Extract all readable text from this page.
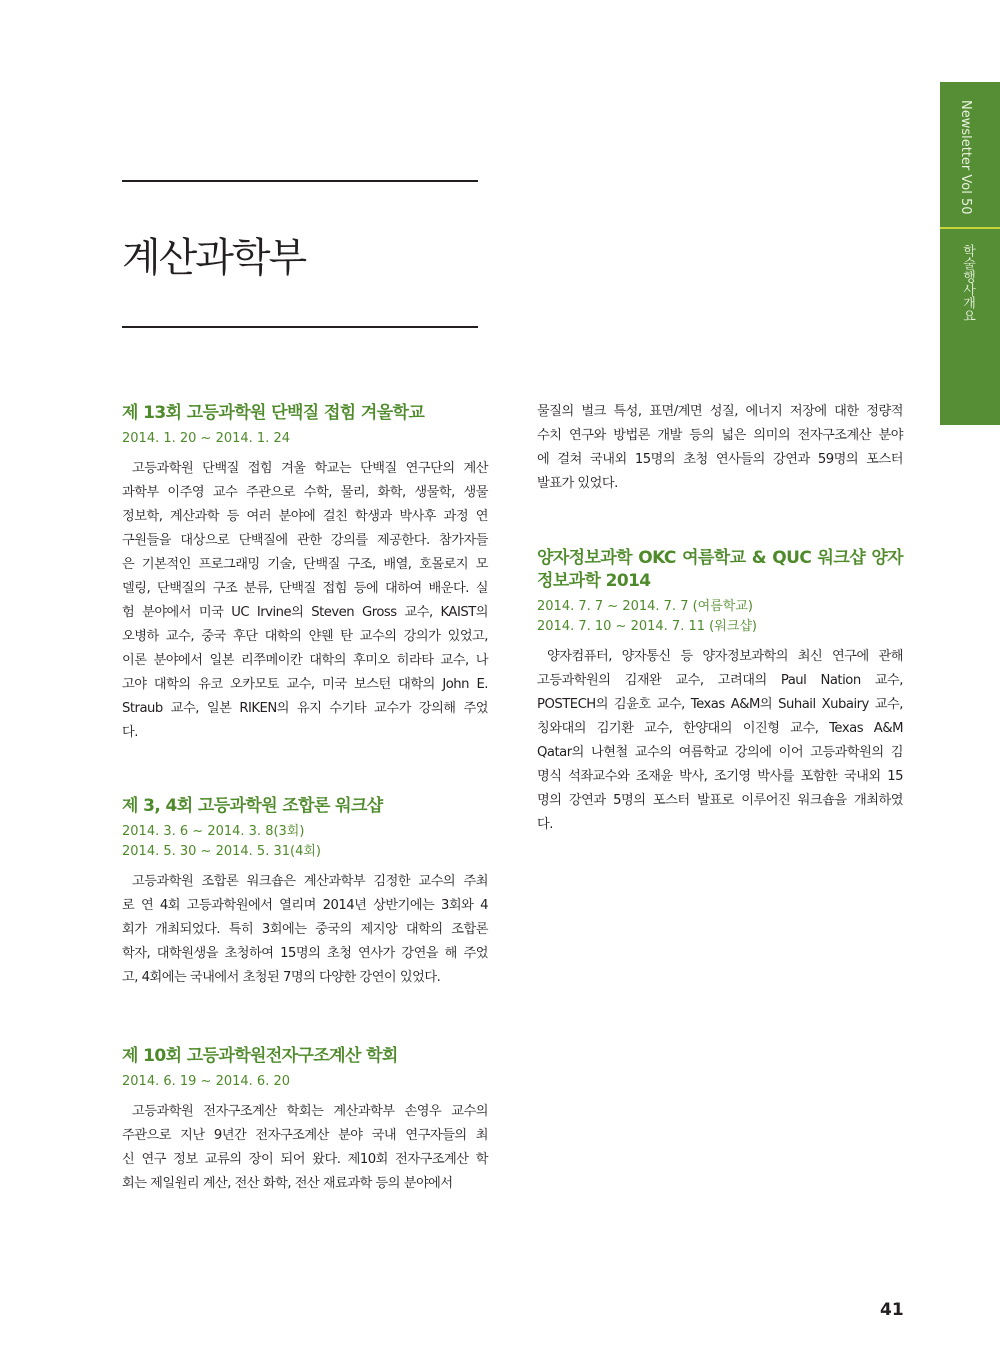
계산과학부
Newsletter Vol 50
학술행사개요
제 13회 고등과학원 단백질 접힘 겨울학교

2014. 1. 20 ~ 2014. 1. 24

고등과학원 단백질 접힘 겨울 학교는 단백질 연구단의 계산
과학부 이주영 교수 주관으로 수학, 물리, 화학, 생물학, 생물
정보학, 계산과학 등 여러 분야에 걸친 학생과 박사후 과정 연
구원들을 대상으로 단백질에 관한 강의를 제공한다. 참가자들
은 기본적인 프로그래밍 기술, 단백질 구조, 배열, 호몰로지 모
델링, 단백질의 구조 분류, 단백질 접힘 등에 대하여 배운다. 실
험 분야에서 미국 UC Irvine의 Steven Gross 교수, KAIST의
오병하 교수, 중국 후단 대학의 얀웬 탄 교수의 강의가 있었고,
이론 분야에서 일본 리쭈메이칸 대학의 후미오 히라타 교수, 나
고야 대학의 유코 오카모토 교수, 미국 보스턴 대학의 John E.
Straub 교수, 일본 RIKEN의 유지 수기타 교수가 강의해 주었
다.
제 3, 4회 고등과학원 조합론 워크샵

2014. 3. 6 ~ 2014. 3. 8(3회)

2014. 5. 30 ~ 2014. 5. 31(4회)

고등과학원 조합론 워크숍은 계산과학부 김정한 교수의 주최
로 연 4회 고등과학원에서 열리며 2014년 상반기에는 3회와 4
회가 개최되었다. 특히 3회에는 중국의 제지앙 대학의 조합론
학자, 대학원생을 초청하여 15명의 초청 연사가 강연을 해 주었
고, 4회에는 국내에서 초청된 7명의 다양한 강연이 있었다.
제 10회 고등과학원전자구조계산 학회

2014. 6. 19 ~ 2014. 6. 20

고등과학원 전자구조계산 학회는 계산과학부 손영우 교수의
주관으로 지난 9년간 전자구조계산 분야 국내 연구자들의 최
신 연구 정보 교류의 장이 되어 왔다. 제10회 전자구조계산 학
회는 제일원리 계산, 전산 화학, 전산 재료과학 등의 분야에서
물질의 벌크 특성, 표면/계면 성질, 에너지 저장에 대한 정량적
수치 연구와 방법론 개발 등의 넓은 의미의 전자구조계산 분야
에 걸쳐 국내외 15명의 초청 연사들의 강연과 59명의 포스터
발표가 있었다.
양자정보과학 OKC 여름학교 & QUC 워크샵 양자
정보과학 2014

2014. 7. 7 ~ 2014. 7. 7 (여름학교)

2014. 7. 10 ~ 2014. 7. 11 (워크샵)

양자컴퓨터, 양자통신 등 양자정보과학의 최신 연구에 관해
고등과학원의 김재완 교수, 고려대의 Paul Nation 교수,
POSTECH의 김윤호 교수, Texas A&M의 Suhail Xubairy 교수,
칭와대의 김기환 교수, 한양대의 이진형 교수, Texas A&M
Qatar의 나현철 교수의 여름학교 강의에 이어 고등과학원의 김
명식 석좌교수와 조재윤 박사, 조기영 박사를 포함한 국내외 15
명의 강연과 5명의 포스터 발표로 이루어진 워크숍을 개최하였
다.

41
